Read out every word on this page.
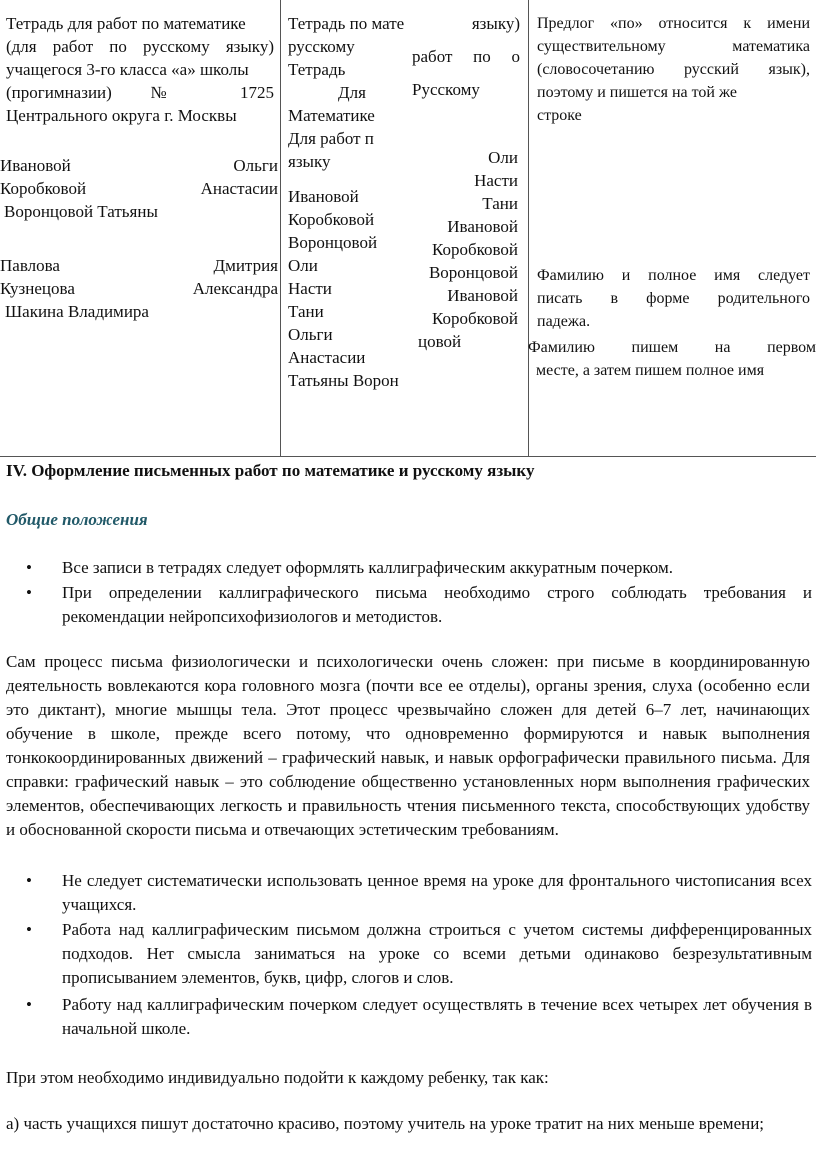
Тетрадь для работ по математике
(для работ по русскому языку)
учащегося 3-го класса «а» школы
(прогимназии) № 1725
Центрального округа г. Москвы
Ивановой	Ольги
Коробковой	Анастасии
Воронцовой Татьяны
Павлова	Дмитрия
Кузнецова	Александра
Шакина Владимира
Тетрадь по мате
русскому
Тетрадь
Для
Математике
Для работ п
языку
Ивановой
Коробковой
Воронцовой
Оли
Насти
Тани
Ольги
Анастасии
Татьяны Ворон
языку)
работ по о
Русскому
Оли
Насти
Тани
Ивановой
Коробковой
Воронцовой
Ивановой
Коробковой
цовой
Предлог «по» относится к имени
существительному математика
(словосочетанию русский язык),
поэтому и пишется на той же
строке
Фамилию и полное имя следует
писать в форме родительного
падежа.
Фамилию пишем на первом
месте, а затем пишем полное имя
IV. Оформление письменных работ по математике и русскому языку
Общие положения
• Все записи в тетрадях следует оформлять каллиграфическим аккуратным почерком.
• При определении каллиграфического письма необходимо строго соблюдать требования и рекомендации нейропсихофизиологов и методистов.
Сам процесс письма физиологически и психологически очень сложен: при письме в координированную деятельность вовлекаются кора головного мозга (почти все ее отделы), органы зрения, слуха (особенно если это диктант), многие мышцы тела. Этот процесс чрезвычайно сложен для детей 6–7 лет, начинающих обучение в школе, прежде всего потому, что одновременно формируются и навык выполнения тонкокоординированных движений – графический навык, и навык орфографически правильного письма. Для справки: графический навык – это соблюдение общественно установленных норм выполнения графических элементов, обеспечивающих легкость и правильность чтения письменного текста, способствующих удобству и обоснованной скорости письма и отвечающих эстетическим требованиям.
• Не следует систематически использовать ценное время на уроке для фронтального чистописания всех учащихся.
• Работа над каллиграфическим письмом должна строиться с учетом системы дифференцированных подходов. Нет смысла заниматься на уроке со всеми детьми одинаково безрезультативным прописыванием элементов, букв, цифр, слогов и слов.
• Работу над каллиграфическим почерком следует осуществлять в течение всех четырех лет обучения в начальной школе.
При этом необходимо индивидуально подойти к каждому ребенку, так как:
а) часть учащихся пишут достаточно красиво, поэтому учитель на уроке тратит на них меньше времени;
